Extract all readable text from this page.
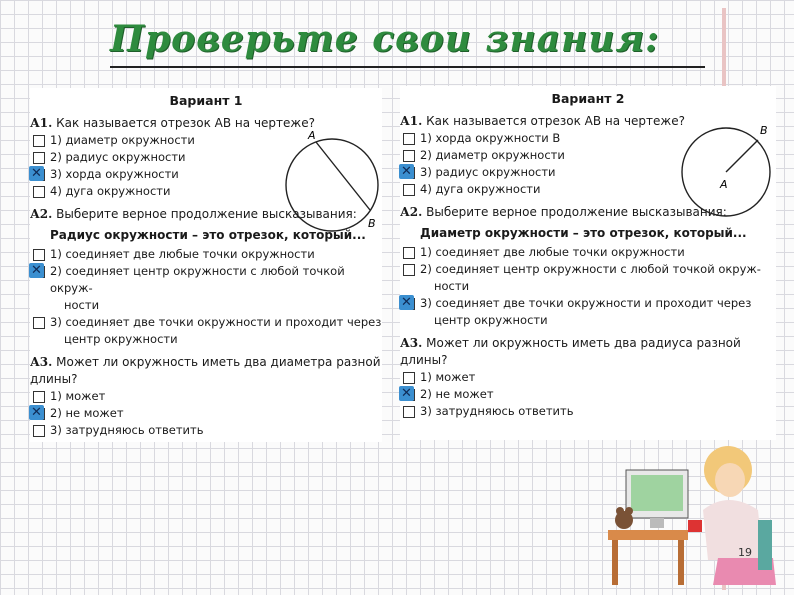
Проверьте свои знания:
Вариант 1
А1. Как называется отрезок AB на чертеже?
1) диаметр окружности
2) радиус окружности
✕ 3) хорда окружности
4) дуга окружности
A
B
А2. Выберите верное продолжение высказывания:
Радиус окружности – это отрезок, который...
1) соединяет две любые точки окружности
✕ 2) соединяет центр окружности с любой точкой окруж-
ности
3) соединяет две точки окружности и проходит через
центр окружности
А3. Может ли окружность иметь два диаметра разной длины?
1) может
✕ 2) не может
3) затрудняюсь ответить
Вариант 2
А1. Как называется отрезок AB на чертеже?
1) хорда окружности B
2) диаметр окружности
✕ 3) радиус окружности
4) дуга окружности
B
A
А2. Выберите верное продолжение высказывания:
Диаметр окружности – это отрезок, который...
1) соединяет две любые точки окружности
2) соединяет центр окружности с любой точкой окруж-
ности
✕ 3) соединяет две точки окружности и проходит через
центр окружности
А3. Может ли окружность иметь два радиуса разной длины?
1) может
✕ 2) не может
3) затрудняюсь ответить
19
